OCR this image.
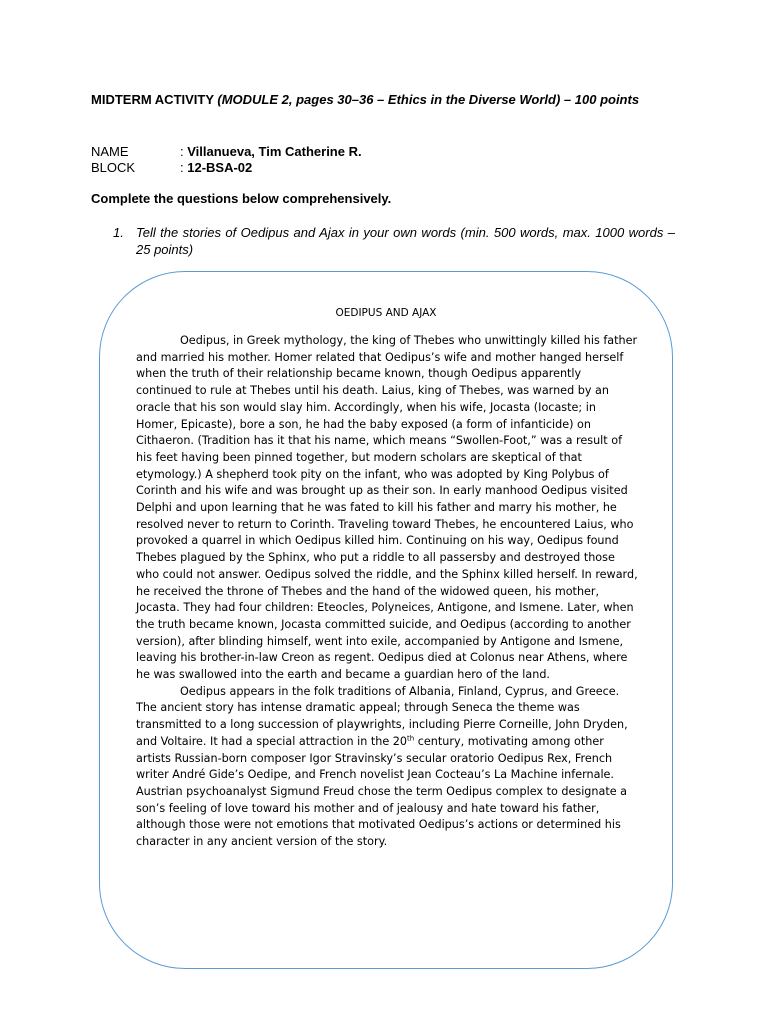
MIDTERM ACTIVITY (MODULE 2, pages 30–36 – Ethics in the Diverse World) – 100 points
NAME	: Villanueva, Tim Catherine R.
BLOCK	: 12-BSA-02
Complete the questions below comprehensively.
1. Tell the stories of Oedipus and Ajax in your own words (min. 500 words, max. 1000 words – 25 points)
OEDIPUS AND AJAX

Oedipus, in Greek mythology, the king of Thebes who unwittingly killed his father and married his mother. Homer related that Oedipus’s wife and mother hanged herself when the truth of their relationship became known, though Oedipus apparently continued to rule at Thebes until his death. Laius, king of Thebes, was warned by an oracle that his son would slay him. Accordingly, when his wife, Jocasta (Iocaste; in Homer, Epicaste), bore a son, he had the baby exposed (a form of infanticide) on Cithaeron. (Tradition has it that his name, which means “Swollen-Foot,” was a result of his feet having been pinned together, but modern scholars are skeptical of that etymology.) A shepherd took pity on the infant, who was adopted by King Polybus of Corinth and his wife and was brought up as their son. In early manhood Oedipus visited Delphi and upon learning that he was fated to kill his father and marry his mother, he resolved never to return to Corinth. Traveling toward Thebes, he encountered Laius, who provoked a quarrel in which Oedipus killed him. Continuing on his way, Oedipus found Thebes plagued by the Sphinx, who put a riddle to all passersby and destroyed those who could not answer. Oedipus solved the riddle, and the Sphinx killed herself. In reward, he received the throne of Thebes and the hand of the widowed queen, his mother, Jocasta. They had four children: Eteocles, Polyneices, Antigone, and Ismene. Later, when the truth became known, Jocasta committed suicide, and Oedipus (according to another version), after blinding himself, went into exile, accompanied by Antigone and Ismene, leaving his brother-in-law Creon as regent. Oedipus died at Colonus near Athens, where he was swallowed into the earth and became a guardian hero of the land.

Oedipus appears in the folk traditions of Albania, Finland, Cyprus, and Greece. The ancient story has intense dramatic appeal; through Seneca the theme was transmitted to a long succession of playwrights, including Pierre Corneille, John Dryden, and Voltaire. It had a special attraction in the 20th century, motivating among other artists Russian-born composer Igor Stravinsky’s secular oratorio Oedipus Rex, French writer André Gide’s Oedipe, and French novelist Jean Cocteau’s La Machine infernale. Austrian psychoanalyst Sigmund Freud chose the term Oedipus complex to designate a son’s feeling of love toward his mother and of jealousy and hate toward his father, although those were not emotions that motivated Oedipus’s actions or determined his character in any ancient version of the story.
